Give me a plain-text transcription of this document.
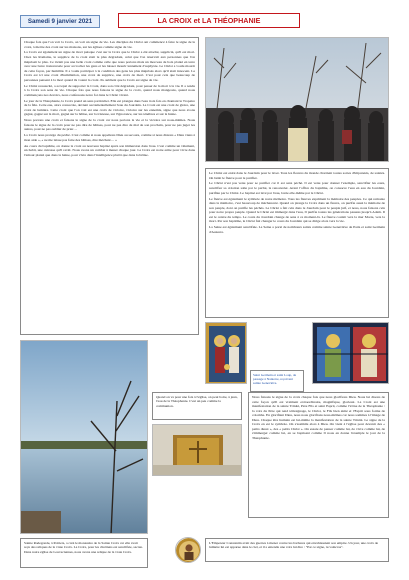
Samedi 9 janvier 2021	LA CROIX et LA THÉOPHANIE

Chaque fois que l'on voit la Croix, on voit un signe de vie. Les disciples du Christ ont commencé à faire le signe de la croix, à mettre des croix sur les maisons, sur les églises comme signe de vie.

La Croix est également un signe de mort puisque c'est sur la Croix que le Christ a été attaché, supplicié, qu'il est mort. Chez les Romains, le supplice de la croix était le plus dégradant, celui que l'on réservait aux personnes que l'on méprisait le plus. Ce n'était pas une belle croix comme celle que nous portons mais un morceau de bois planté en terre avec une barre transversale pour accrocher les gens et les laisser mourir lentement d'asphyxie. Le Christ a voulu mourir de cette façon, par humilité. Il a voulu participer à la condition des gens les plus méprisés alors qu'il était innocent. La Croix est ici une croix d'humiliation, une croix de supplice, une croix de mort. C'est pour cela que beaucoup de personnes pensent à la mort quand ils voient la croix. Ils oublient que la Croix est signe de vie.

Le Christ ressuscité, a accepté de supporter la Croix, dans son côté dégradant, pour passer de la mort à la vie. Il a rendu à la Croix son sens de vie. Chaque fois que nous faisons le signe de la croix, quand nous mangeons, quand nous commençons nos devoirs, nous confessons notre foi dans le Christ vivant.

Le jour de la Théophanie, la Croix prend un sens particulier. Elle est plongée dans l'eau trois fois en chantant le Tropaire de la fête. Cette eau, alors consacrée, devient sacramentellement l'eau du Jourdain. La Croix est une croix de gloire, une croix de lumière. Cette croix que l'on voit est une croix de victoire, victoire sur les ennemis, signe que nous avons gagné, gagné sur la mort, gagné sur la bêtise, sur la tristesse, sur l'ignorance, sur les ténèbres et sur la haine.

Nous portons une croix et faisons le signe de la croix car nous portons la vie et la victoire sur nous-mêmes. Nous faisons le signe de la croix pour ne pas dire de bêtises, pour ne pas dire de mal de son prochain, pour ne pas juger les autres, pour ne pas oublier de prier…

La Croix nous protège du péché. C'est comme si nous appelions Dieu au secours, comme si nous disions « Dieu viens à mon aide », « ne me laisse pas faire des bêtises, être méchant… »

Au cours du baptême, on donne la croix au nouveau baptisé après son immersion dans l'eau. C'est comme un vêtement, un habit, une cuirasse qu'il revêt. Nous avons un combat à mener chaque jour. La Croix est notre arme pour vivre dans l'amour planté que dans la haine, pour vivre dans l'intelligence plutôt que dans la bêtise.

Le Christ est entré dans le Jourdain pour le laver. Tous les fleuves du monde charrient toutes sortes d'impuretés, de saletés. On bénit le fleuve pour le purifier.

Le Christ n'est pas venu pour se purifier car il est sans péché. Il est venu pour donner l'exemple, sanctifier les eaux, sanctifier sa création salie par le péché, la renouveler. Avant l'office du baptême, on consacre l'eau en eau du Jourdain, purifiée par le Christ. Le baptisé est lavé par l'eau, lavée elle-même par le Christ.

Le fleuve est également le symbole de notre mémoire. Tous les fleuves expriment la mémoire des peuples. Ce qui remonte dans la mémoire, c'est beaucoup de méchanceté. Quand on plonge la Croix dans un fleuve, on purifie aussi la mémoire de son peuple, dont on purifie les péchés. Le Christ a fait cela dans le Jourdain pour le peuple juif, et nous, nous faisons cela pour notre propre peuple. Quand le Christ est immergé dans l'eau, Il purifie toutes les générations passées jusqu'à Adam. Il est le centre du temps. Le cours du Jourdain change de sens à ce moment-là. Le fleuve coulait vers la mer Morte, vers la mort. Par son baptême, le Christ fait changer le cours du Jourdain qui se dirige alors vers la vie.

La Seine est également sanctifiée. La Seine a porté de nombreux saints comme sainte Geneviève de Paris et saint Germain d'Auxerre.

Saint Germain et saint Loup, de passage à Nanterre, reçoivent sainte Geneviève.
Quand on va pour une fois à l'église, on peut boire, à jeun, l'eau de la Théophanie. C'est un peu comme la communion.

Nous faisons le signe de la croix chaque fois que nous glorifions Dieu. Nous lui disons de cette façon qu'Il est vraiment extraordinaire, magnifique, glorieux. La Croix est une manifestation de la sainte Trinité, Père Fils et saint Esprit, comme l'icône de la Théophanie : la voix du Père qui rend témoignage, le Christ, le Fils bien aimé et l'Esprit sous forme de colombe. En glorifiant Dieu, nous nous glorifions nous-mêmes car nous sommes à l'image de Dieu. Chaque être humain est lui-même la manifestation de la sainte Trinité. Le signe de la Croix en est le symbole. On s'assimile alors à Dieu. On vient à l'église pour devenir des « petits dieux », des « petits Christ ». On essaie de penser comme lui, de vivre comme lui, de s'immerger comme lui, en se baptisant comme Il nous en donne l'exemple le jour de la Théophanie.

Sainte Radegonde, à Poitiers, a créé le monastère de la Sainte Croix car elle avait reçu des reliques de la vraie Croix. La Croix, pour les chrétiens est sanctifiée, sacrée. Dans notre église de Louveciennes, nous avons une relique de la vraie Croix.
L'Empereur Constantin avait des guerres à mener contre les barbares qui envahissaient son empire. Un jour, une croix de lumière lui est apparue dans le ciel, et il a entendu une voix lui dire : "Par ce signe, tu vaincras".
